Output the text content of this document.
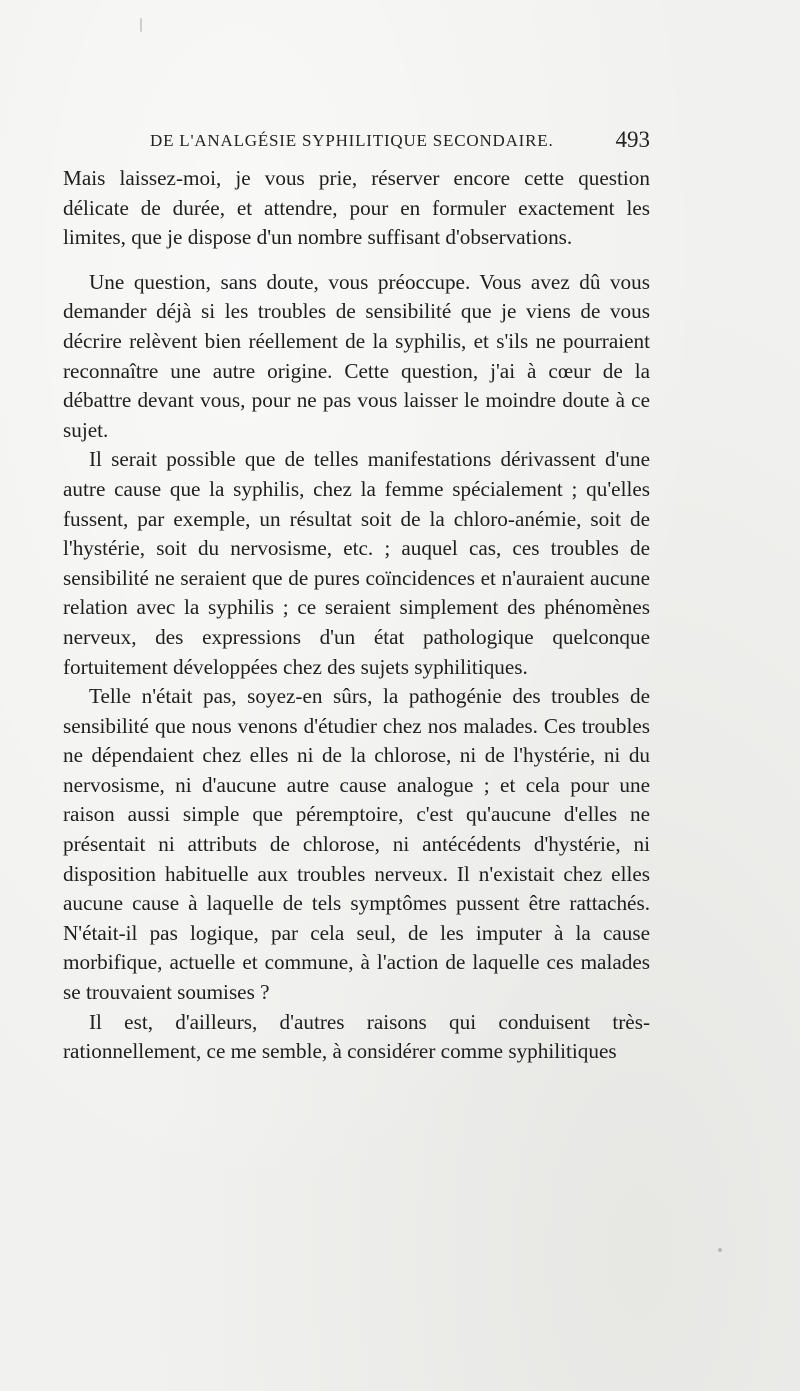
DE L'ANALGÉSIE SYPHILITIQUE SECONDAIRE.	493

Mais laissez-moi, je vous prie, réserver encore cette question délicate de durée, et attendre, pour en formuler exactement les limites, que je dispose d'un nombre suffisant d'observations.

Une question, sans doute, vous préoccupe. Vous avez dû vous demander déjà si les troubles de sensibilité que je viens de vous décrire relèvent bien réellement de la syphilis, et s'ils ne pourraient reconnaître une autre origine. Cette question, j'ai à cœur de la débattre devant vous, pour ne pas vous laisser le moindre doute à ce sujet.

Il serait possible que de telles manifestations dérivassent d'une autre cause que la syphilis, chez la femme spécialement ; qu'elles fussent, par exemple, un résultat soit de la chloro-anémie, soit de l'hystérie, soit du nervosisme, etc. ; auquel cas, ces troubles de sensibilité ne seraient que de pures coïncidences et n'auraient aucune relation avec la syphilis ; ce seraient simplement des phénomènes nerveux, des expressions d'un état pathologique quelconque fortuitement développées chez des sujets syphilitiques.

Telle n'était pas, soyez-en sûrs, la pathogénie des troubles de sensibilité que nous venons d'étudier chez nos malades. Ces troubles ne dépendaient chez elles ni de la chlorose, ni de l'hystérie, ni du nervosisme, ni d'aucune autre cause analogue ; et cela pour une raison aussi simple que péremptoire, c'est qu'aucune d'elles ne présentait ni attributs de chlorose, ni antécédents d'hystérie, ni disposition habituelle aux troubles nerveux. Il n'existait chez elles aucune cause à laquelle de tels symptômes pussent être rattachés. N'était-il pas logique, par cela seul, de les imputer à la cause morbifique, actuelle et commune, à l'action de laquelle ces malades se trouvaient soumises ?

Il est, d'ailleurs, d'autres raisons qui conduisent très-rationnellement, ce me semble, à considérer comme syphilitiques
